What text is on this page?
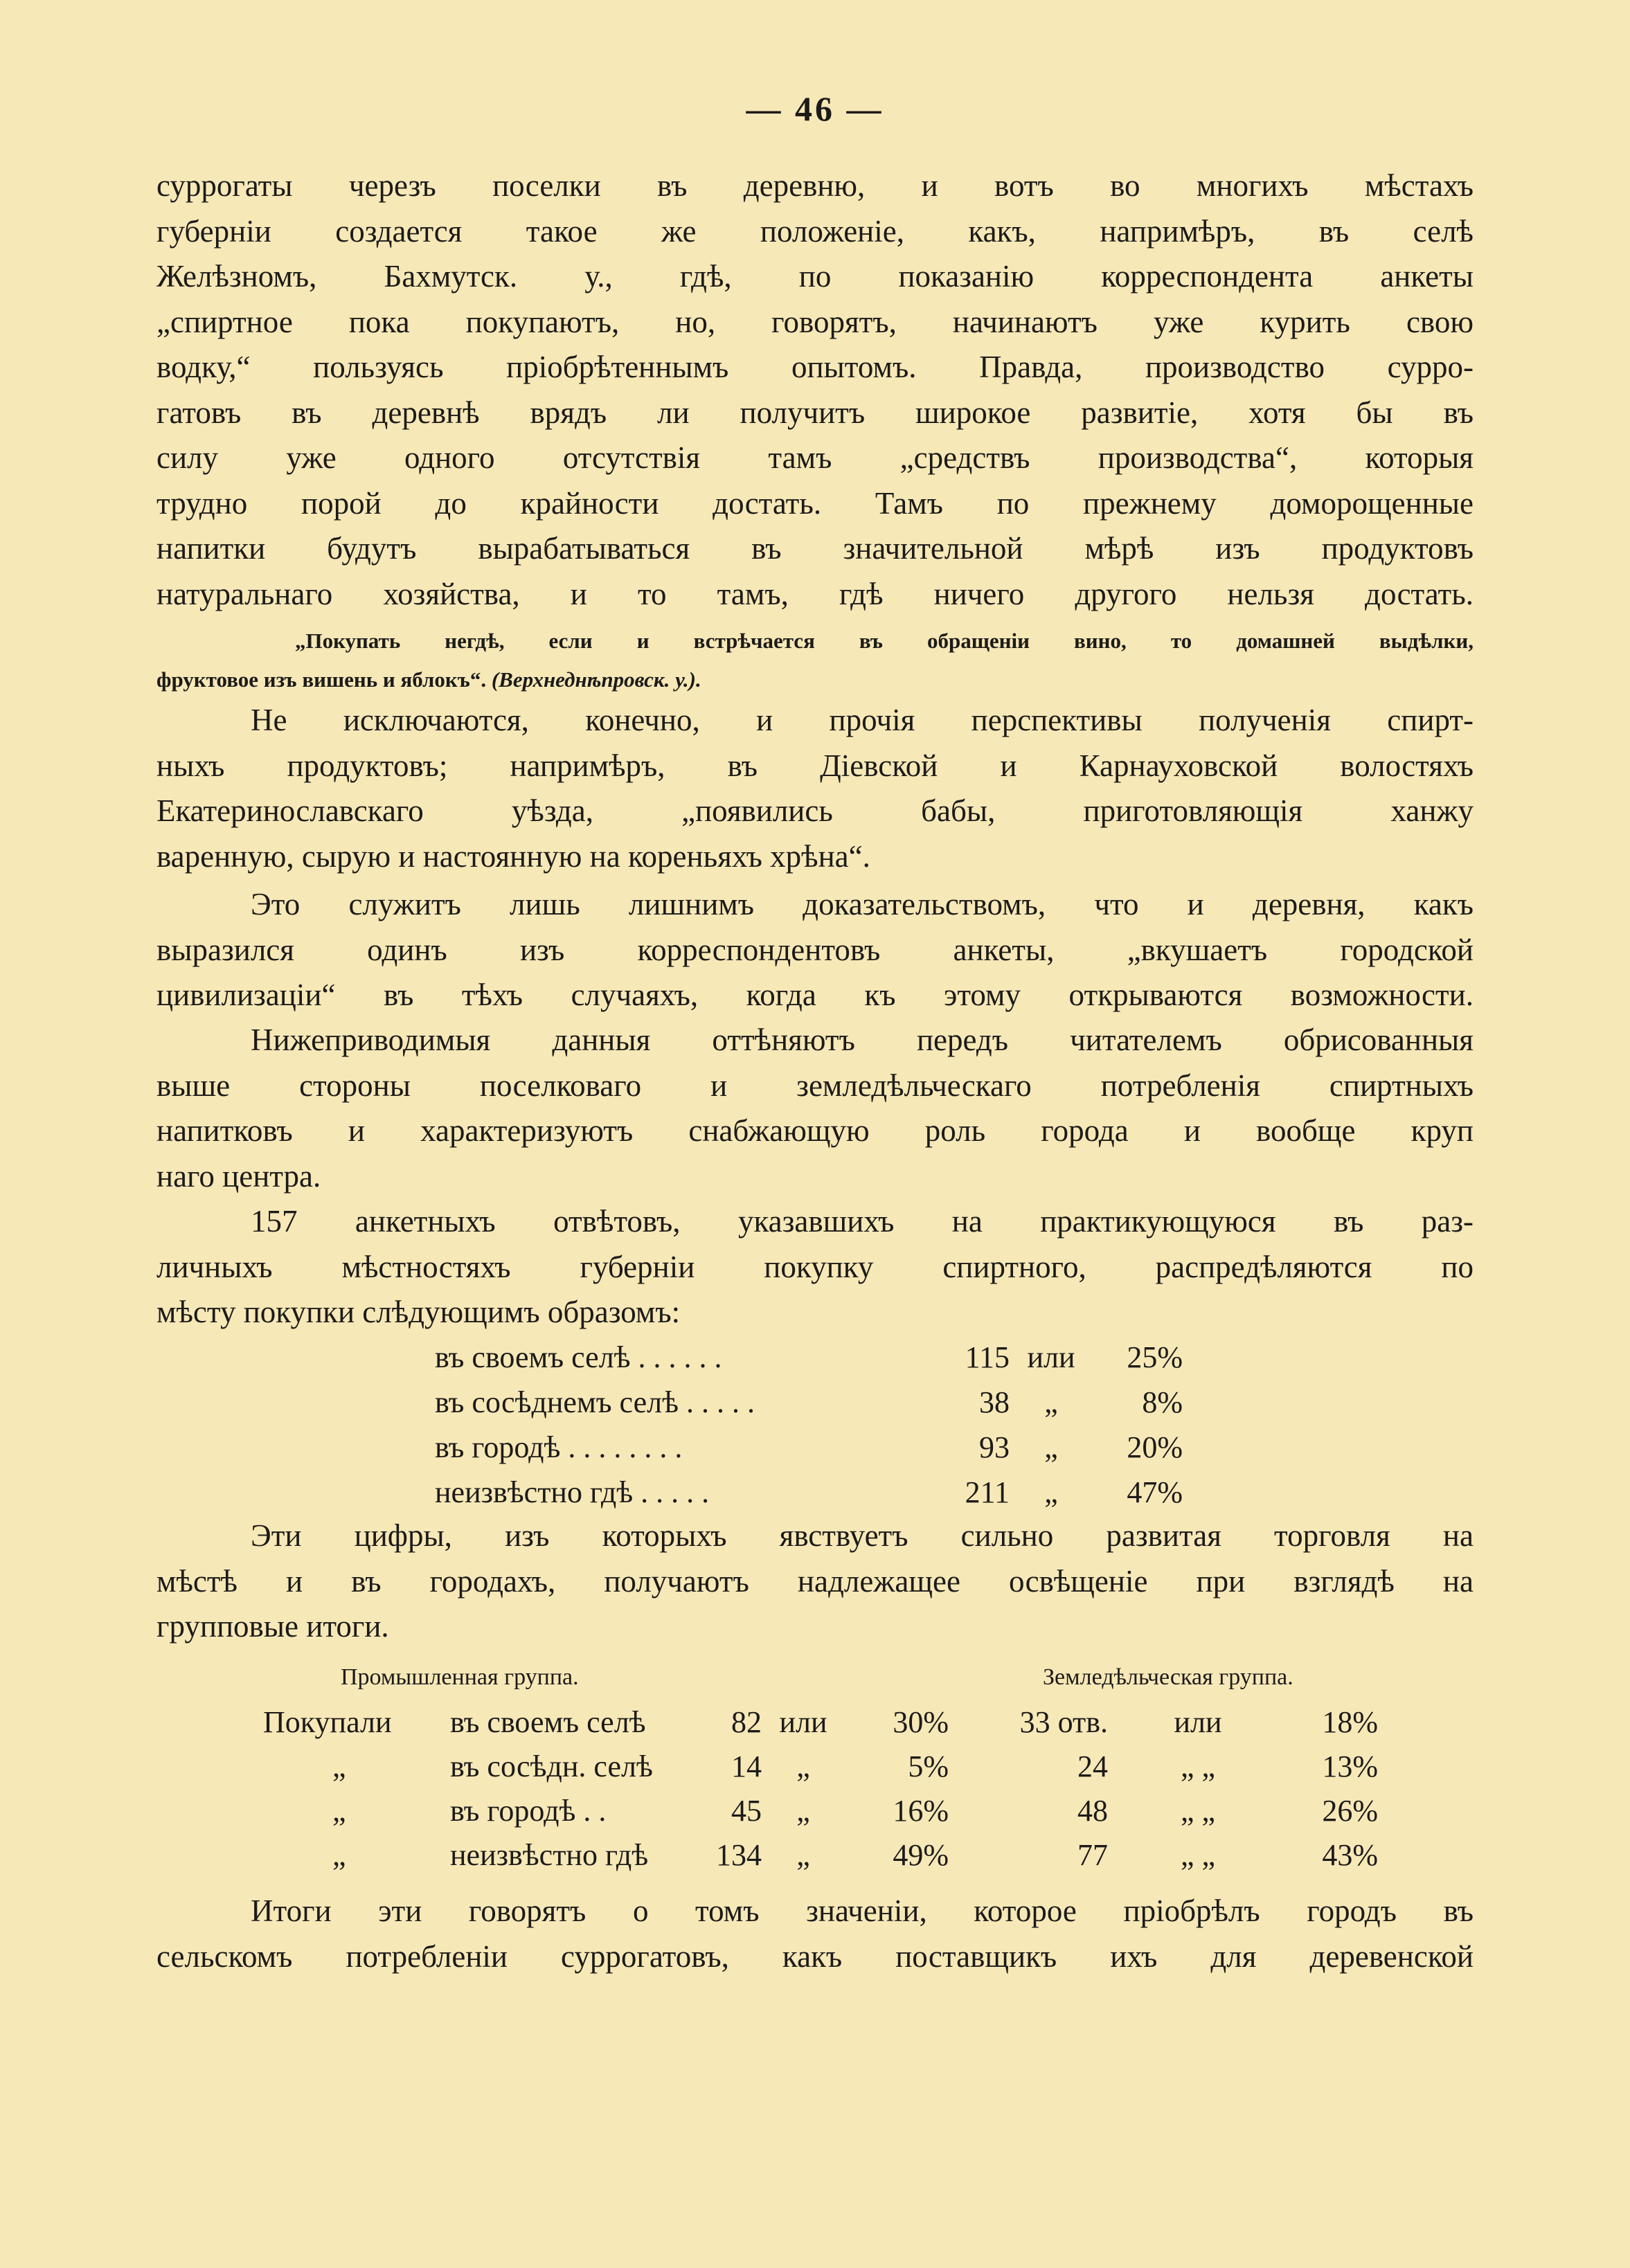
— 46 —
суррогаты черезъ поселки въ деревню, и вотъ во многихъ мѣстахъ
губерніи создается такое же положеніе, какъ, напримѣръ, въ селѣ
Желѣзномъ, Бахмутск. у., гдѣ, по показанію корреспондента анкеты
„спиртное пока покупаютъ, но, говорятъ, начинаютъ уже курить свою
водку,“ пользуясь пріобрѣтеннымъ опытомъ. Правда, производство сурро-
гатовъ въ деревнѣ врядъ ли получитъ широкое развитіе, хотя бы въ
силу уже одного отсутствія тамъ „средствъ производства“, которыя
трудно порой до крайности достать. Тамъ по прежнему доморощенные
напитки будутъ вырабатываться въ значительной мѣрѣ изъ продуктовъ
натуральнаго хозяйства, и то тамъ, гдѣ ничего другого нельзя достать.
„Покупать негдѣ, если и встрѣчается въ обращеніи вино, то домашней выдѣлки,
фруктовое изъ вишень и яблокъ“. (Верхнеднѣпровск. у.).
Не исключаются, конечно, и прочія перспективы полученія спирт-
ныхъ продуктовъ; напримѣръ, въ Діевской и Карнауховской волостяхъ
Екатеринославскаго уѣзда, „появились бабы, приготовляющія ханжу
варенную, сырую и настоянную на кореньяхъ хрѣна“.
Это служитъ лишь лишнимъ доказательствомъ, что и деревня, какъ
выразился одинъ изъ корреспондентовъ анкеты, „вкушаетъ городской
цивилизаціи“ въ тѣхъ случаяхъ, когда къ этому открываются возможности.
Нижеприводимыя данныя оттѣняютъ передъ читателемъ обрисованныя
выше стороны поселковаго и земледѣльческаго потребленія спиртныхъ
напитковъ и характеризуютъ снабжающую роль города и вообще круп
наго центра.
157 анкетныхъ отвѣтовъ, указавшихъ на практикующуюся въ раз-
личныхъ мѣстностяхъ губерніи покупку спиртного, распредѣляются по
мѣсту покупки слѣдующимъ образомъ:
въ своемъ селѣ . . . . . .	115 или	25%
въ сосѣднемъ селѣ . . . . .	38	„	8%
въ городѣ . . . . . . . .	93	„	20%
неизвѣстно гдѣ . . . . .	211	„	47%
Эти цифры, изъ которыхъ явствуетъ сильно развитая торговля на
мѣстѣ и въ городахъ, получаютъ надлежащее освѣщеніе при взглядѣ на
групповые итоги.
Промышленная группа.	Земледѣльческая группа.
Покупали	въ своемъ селѣ	82 или	30%	33 отв.	или	18%
„	въ сосѣдн. селѣ	14	„	5%	24	„ „	13%
„	въ городѣ . .	45	„	16%	48	„ „	26%
„	неизвѣстно гдѣ	134	„	49%	77	„ „	43%
Итоги эти говорятъ о томъ значеніи, которое пріобрѣлъ городъ въ
сельскомъ потребленіи суррогатовъ, какъ поставщикъ ихъ для деревенской
